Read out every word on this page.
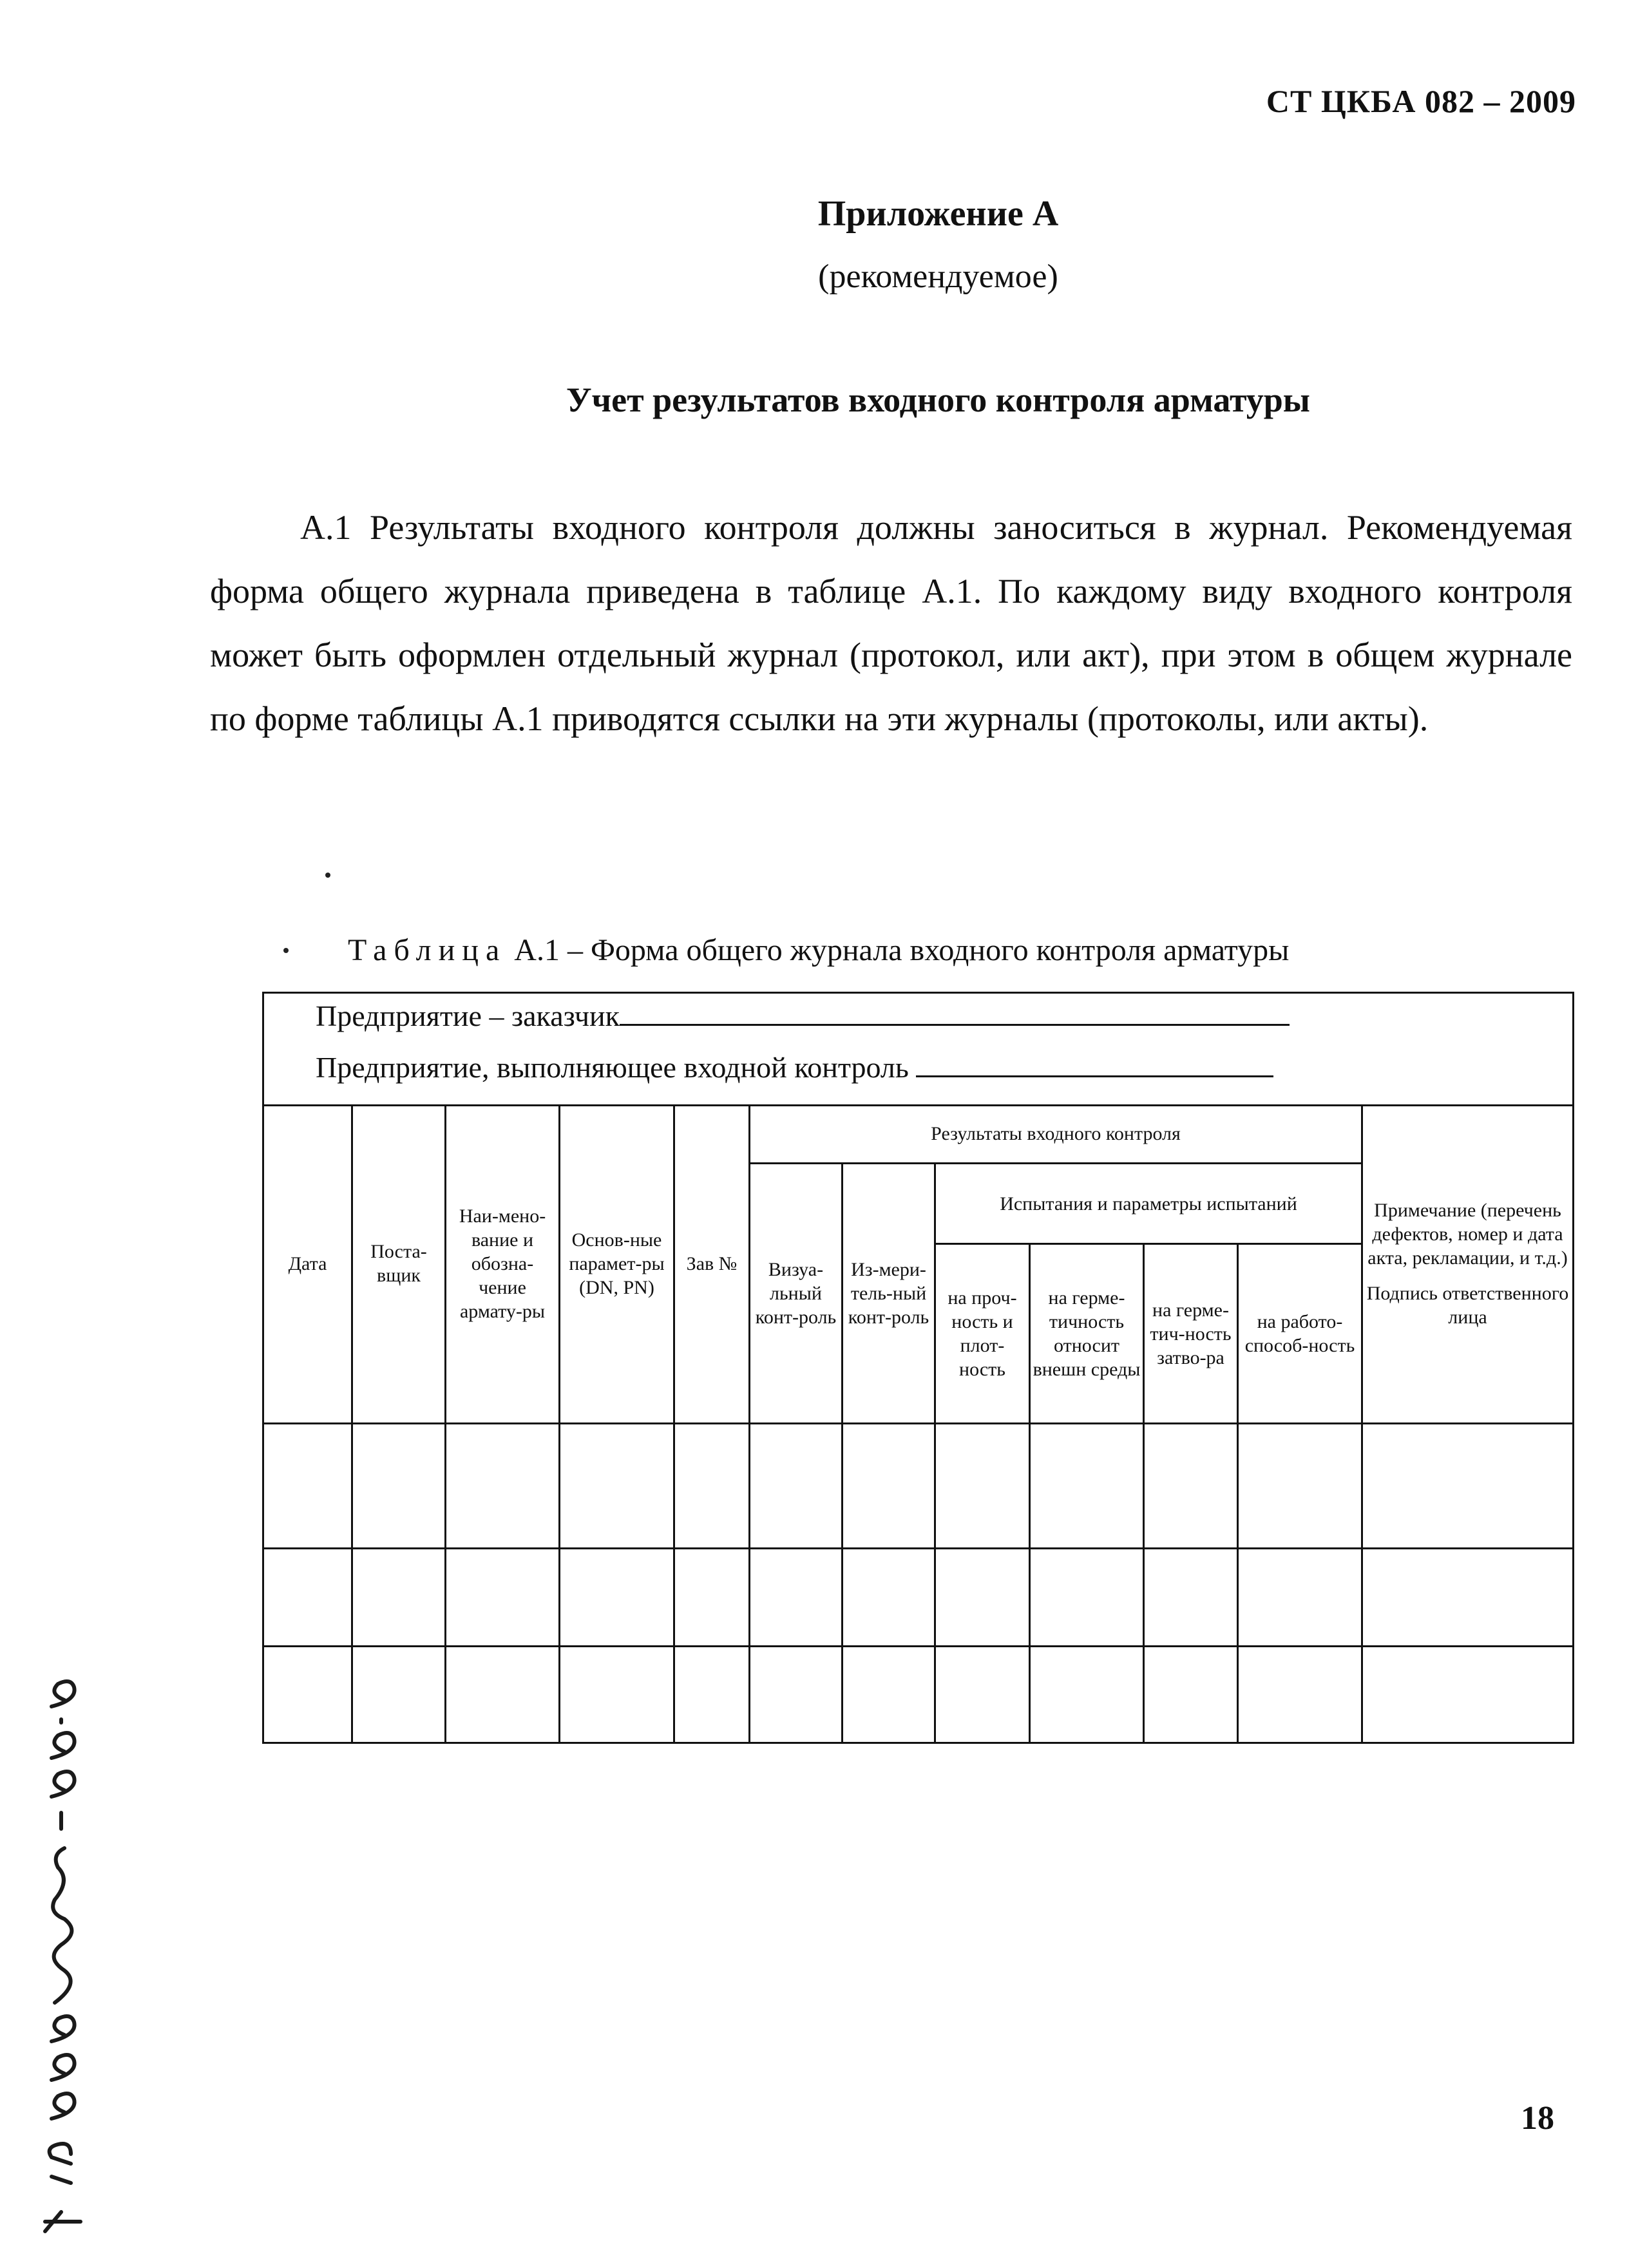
СТ ЦКБА 082 – 2009
Приложение А
(рекомендуемое)
Учет результатов входного контроля арматуры

А.1 Результаты входного контроля должны заноситься в журнал. Рекомендуемая форма общего журнала приведена в таблице А.1. По каждому виду входного контроля может быть оформлен отдельный журнал (протокол, или акт), при этом в общем журнале по форме таблицы А.1 приводятся ссылки на эти журналы (протоколы, или акты).

Таблица А.1 – Форма общего журнала входного контроля арматуры
Предприятие – заказчик
Предприятие, выполняющее входной контроль
Дата
Поста-вщик
Наи-мено-вание и обозна-чение армату-ры
Основ-ные парамет-ры (DN, PN)
Зав №
Результаты входного контроля
Визуа-льный конт-роль
Из-мери-тель-ный конт-роль
Испытания и параметры испытаний
на проч-ность и плот-ность
на герме-тичность относит внешн среды
на герме-тич-ность затво-ра
на работо-способ-ность
Примечание (перечень дефектов, номер и дата акта, рекламации, и т.д.)
Подпись ответственного лица
18
